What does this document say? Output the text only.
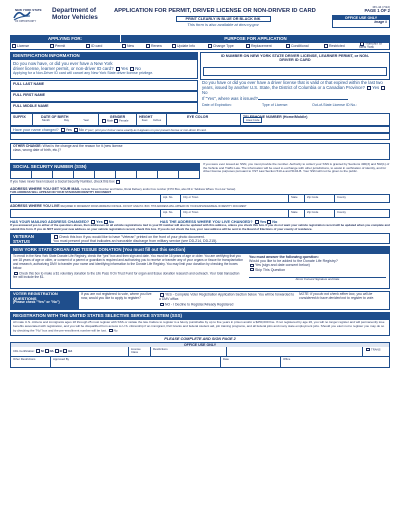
NEW YORK STATE
OF OPPORTUNITY
Department of
Motor Vehicles
APPLICATION FOR PERMIT, DRIVER LICENSE OR NON-DRIVER ID CARD
PRINT CLEARLY IN BLUE OR BLACK INK
This form is also available at dmv.ny.gov
MV-44 (7/22)
PAGE 1 OF 2
OFFICE USE ONLY
Image #
APPLYING FOR:	PURPOSE FOR APPLICATION
License	Permit	ID card	New	Renew	Update Info	Change Type	Replacement	Conditional	Restricted
Transfer to New York
IDENTIFICATION INFORMATION
Do you now have, or did you ever have a New York
driver license, learner permit, or non-driver ID card? Yes No
Applying for a Non-Driver ID card will cancel any New York State driver license privilege.
ID NUMBER ON NEW YORK STATE DRIVER LICENSE, LEARNER PERMIT, or NON-DRIVER ID CARD
FULL LAST NAME
FULL FIRST NAME
FULL MIDDLE NAME
Do you have or did you ever have a driver license that is valid or that expired within the last two years, issued by another U.S. State, the District of Columbia or a Canadian Province? Yes No
If "Yes", where was it issued?
Date of Expiration:	Type of License:	Out-of-State License ID No.:
SUFFIX	DATE OF BIRTH
Month	Day	Year
GENDER
Male Female
HEIGHT
Feet Inches
EYE COLOR	TELEPHONE NUMBER (Home/Mobile)
Area Code
Have your name changed? Yes No If "yes", print your former name exactly as it appears on your present license or non-driver ID card.
OTHER CHANGE: What is the change and the reason for it (new license class, wrong date of birth, etc.)?
SOCIAL SECURITY NUMBER (SSN)
If you have never been issued a Social Security Number, check this box
If you were ever issued an SSN, you must provide the number. Authority to collect your SSN is granted by Sections 490(3) and 502(1) of the Vehicle and Traffic Law. The information will be used to exchange with other jurisdictions, to assist in verification of identity, and for driver license purposes pursuant to VST Law Section 510-a and 5104-B. Your SSN will not be given to the public.
ADDRESS WHERE YOU GET YOUR MAIL Include Street Number and Name, Rural Delivery and/or box number (If PO Box, also fill in "Address Where You Live" below)
THIS ADDRESS WILL APPEAR ON YOUR STANDARD IDENTITY DOCUMENT
Apt. No.	City or Town	State	Zip Code	County
ADDRESS WHERE YOU LIVE REQUIRED IF DIFFERENT FROM ADDRESS FOR MAIL. DO NOT GIVE P.O. BOX. THIS ADDRESS WILL APPEAR ON YOUR ENHANCED/REAL ID IDENTITY DOCUMENT
Apt. No.	City or Town	State	Zip Code	County
HAS YOUR MAILING ADDRESS CHANGED? Yes No	HAS THE ADDRESS WHERE YOU LIVE CHANGED? Yes No
If you answered yes to either of the questions above, then addresses on all vehicle registrations tied to your ID number will also be updated with this address, unless you check this box. If you do not want your vehicle registration record will be updated when you complete and submit this form. If you do NOT want your new address on your vehicle registration record, check this box. If you do not check the box, your new address will be sent to the Board of Elections of your county of residence.
VETERAN STATUS
Check this box if you would like to have "Veteran" printed on the front of your photo document.
You must present proof that indicates an honorable discharge from military service (see DD-214, DD-215).
NEW YORK STATE ORGAN AND TISSUE DONATION (You must fill out this section)
To enroll in the New York State Donate Life Registry, check the "yes" box and then sign and date. You must be 16 years of age or older. You are certifying that you are 18 years of age or older, or consent of a parent or guardian is required and authorizing you to receive or transfer any of your organs or tissue for transplantation and research, authorizing DMV to transfer your name and identifying information to the Donate Life Registry. You may limit your donation by checking the boxes below.
Check this box to make a $1 voluntary donation to the Life Pass It On Trust Fund for organ and tissue donation research and outreach. Your total transaction fee will include the $1.
You must answer the following question:
Would you like to be added to the Donate Life Registry?
Yes (sign and date consent below)
Skip This Question
Donor Consent Signature and Date
VOTER REGISTRATION QUESTIONS
(Please check "Yes" or "No")
If you are not registered to vote, where you live now, would you like to apply to register?
YES - Complete Voter Registration Application Section below. You will be forwarded to a DMV office.
NO - I Decline to Register/Already Registered
NOTE: If you do not check either box, you will be considered to have decided not to register to vote.
REGISTRATION WITH THE UNITED STATES SELECTIVE SERVICE SYSTEM (SSS)
All male U.S. citizens and immigrants ages 18 through 25 must register with SSS or violate the law. Failure to register is a felony punishable by up to five years in prison and/or a $250,000 fine. If not registered by age 26, you will no longer register and will permanently lose benefits associated with registration, and you will be disqualified from access to U.S. citizenship if an immigrant, Pell Grants and federal student aid, job training programs, and all federal jobs and many state employment jobs. Should you elect not to register you may do so by checking the "No" box and the pre-enrollment number will be lost. No
PLEASE COMPLETE AND SIGN PAGE 2
OFFICE USE ONLY
CDL Certification: NI NA EI EA	License Class
Restrictions	TRANS
Other Restrictions	Approved By	Date	Office
